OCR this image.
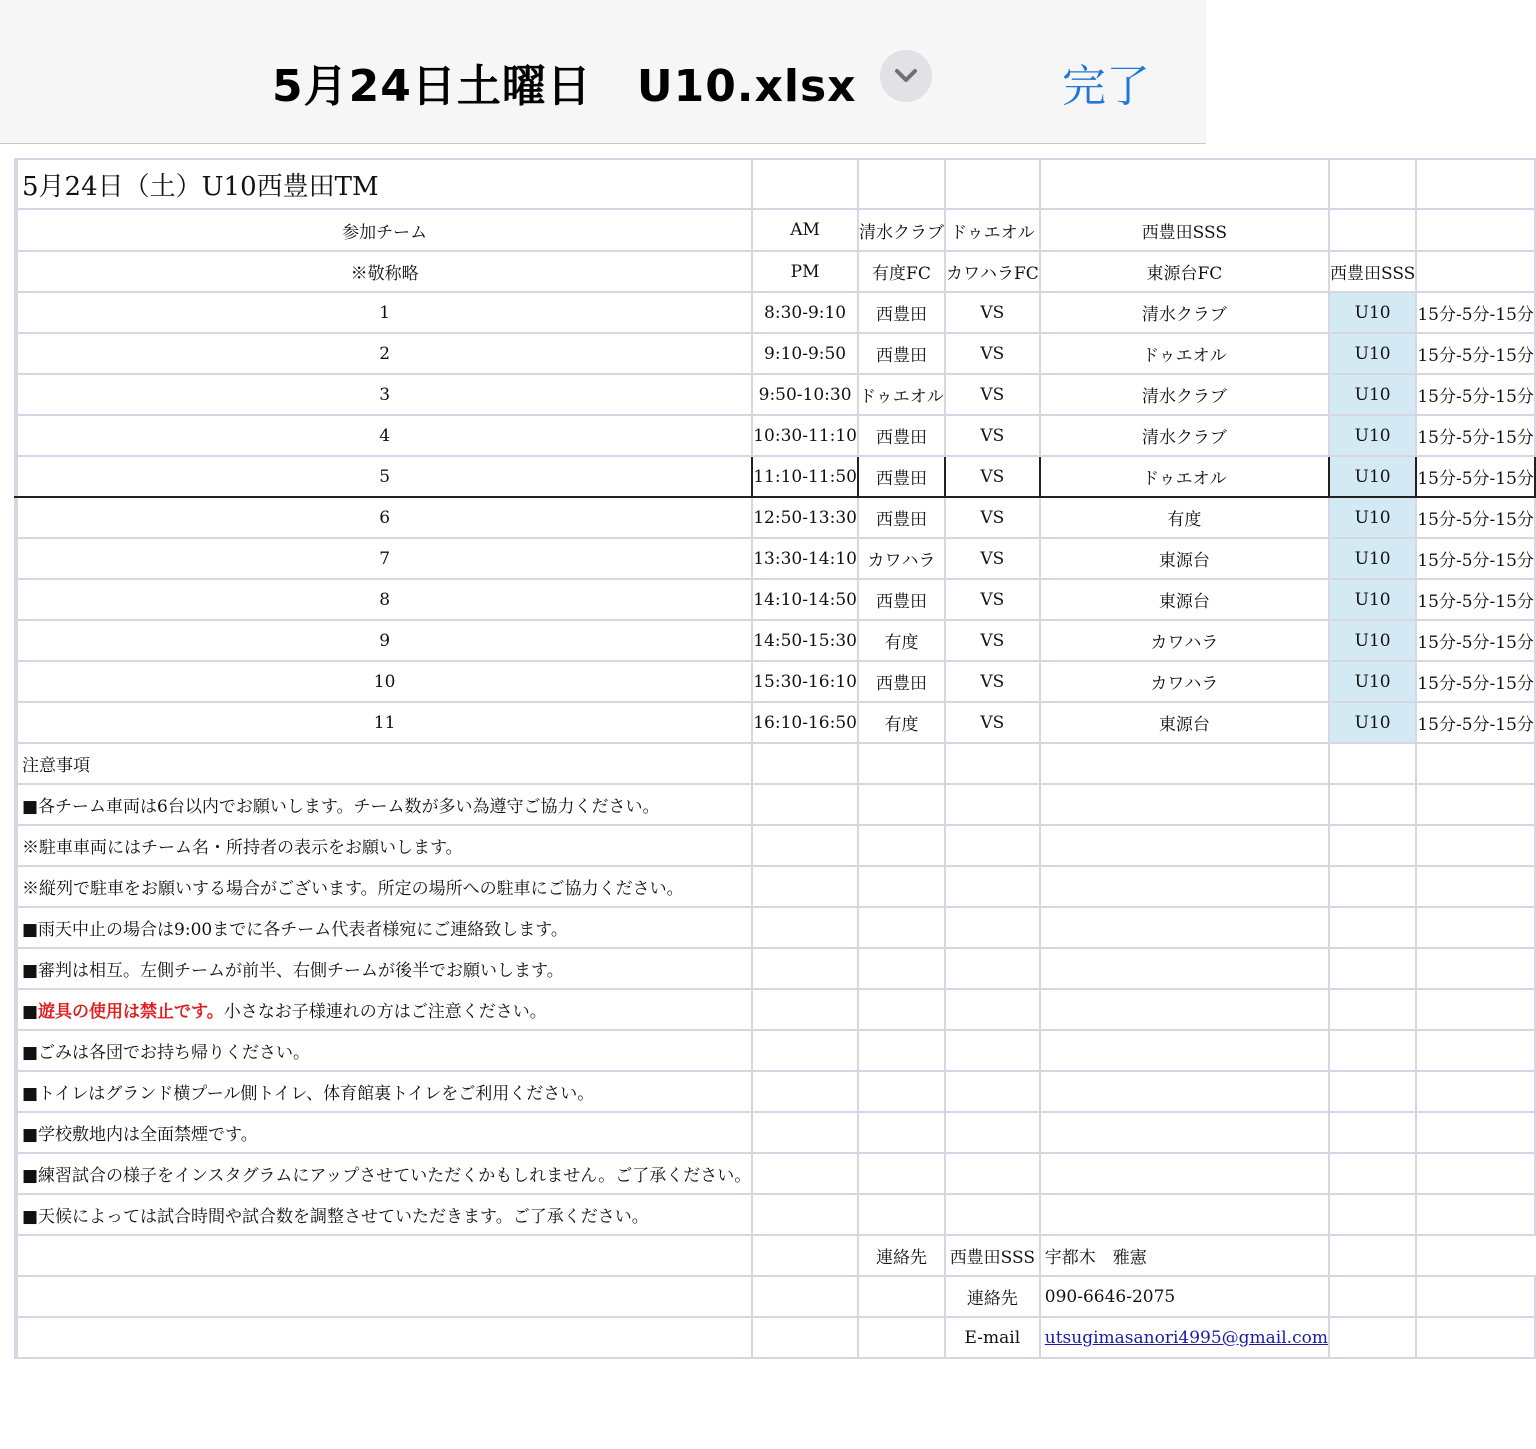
5月24日土曜日　U10.xlsx	完了
	5月24日（土）U10西豊田TM						
	参加チーム	AM	清水クラブ	ドゥエオル	西豊田SSS		
	※敬称略	PM	有度FC	カワハラFC	東源台FC	西豊田SSS	
	1	8:30-9:10	西豊田	VS	清水クラブ	U10	15分-5分-15分
	2	9:10-9:50	西豊田	VS	ドゥエオル	U10	15分-5分-15分
	3	9:50-10:30	ドゥエオル	VS	清水クラブ	U10	15分-5分-15分
	4	10:30-11:10	西豊田	VS	清水クラブ	U10	15分-5分-15分
	5	11:10-11:50	西豊田	VS	ドゥエオル	U10	15分-5分-15分
	6	12:50-13:30	西豊田	VS	有度	U10	15分-5分-15分
	7	13:30-14:10	カワハラ	VS	東源台	U10	15分-5分-15分
	8	14:10-14:50	西豊田	VS	東源台	U10	15分-5分-15分
	9	14:50-15:30	有度	VS	カワハラ	U10	15分-5分-15分
	10	15:30-16:10	西豊田	VS	カワハラ	U10	15分-5分-15分
	11	16:10-16:50	有度	VS	東源台	U10	15分-5分-15分
	注意事項						
	■各チーム車両は6台以内でお願いします。チーム数が多い為遵守ご協力ください。						
	※駐車車両にはチーム名・所持者の表示をお願いします。						
	※縦列で駐車をお願いする場合がございます。所定の場所への駐車にご協力ください。						
	■雨天中止の場合は9:00までに各チーム代表者様宛にご連絡致します。						
	■審判は相互。左側チームが前半、右側チームが後半でお願いします。						
	■遊具の使用は禁止です。小さなお子様連れの方はご注意ください。						
	■ごみは各団でお持ち帰りください。						
	■トイレはグランド横プール側トイレ、体育館裏トイレをご利用ください。						
	■学校敷地内は全面禁煙です。						
	■練習試合の様子をインスタグラムにアップさせていただくかもしれません。ご了承ください。						
	■天候によっては試合時間や試合数を調整させていただきます。ご了承ください。						
			連絡先	西豊田SSS	宇都木　雅憲		
				連絡先	090-6646-2075		
				E-mail	utsugimasanori4995@gmail.com		
